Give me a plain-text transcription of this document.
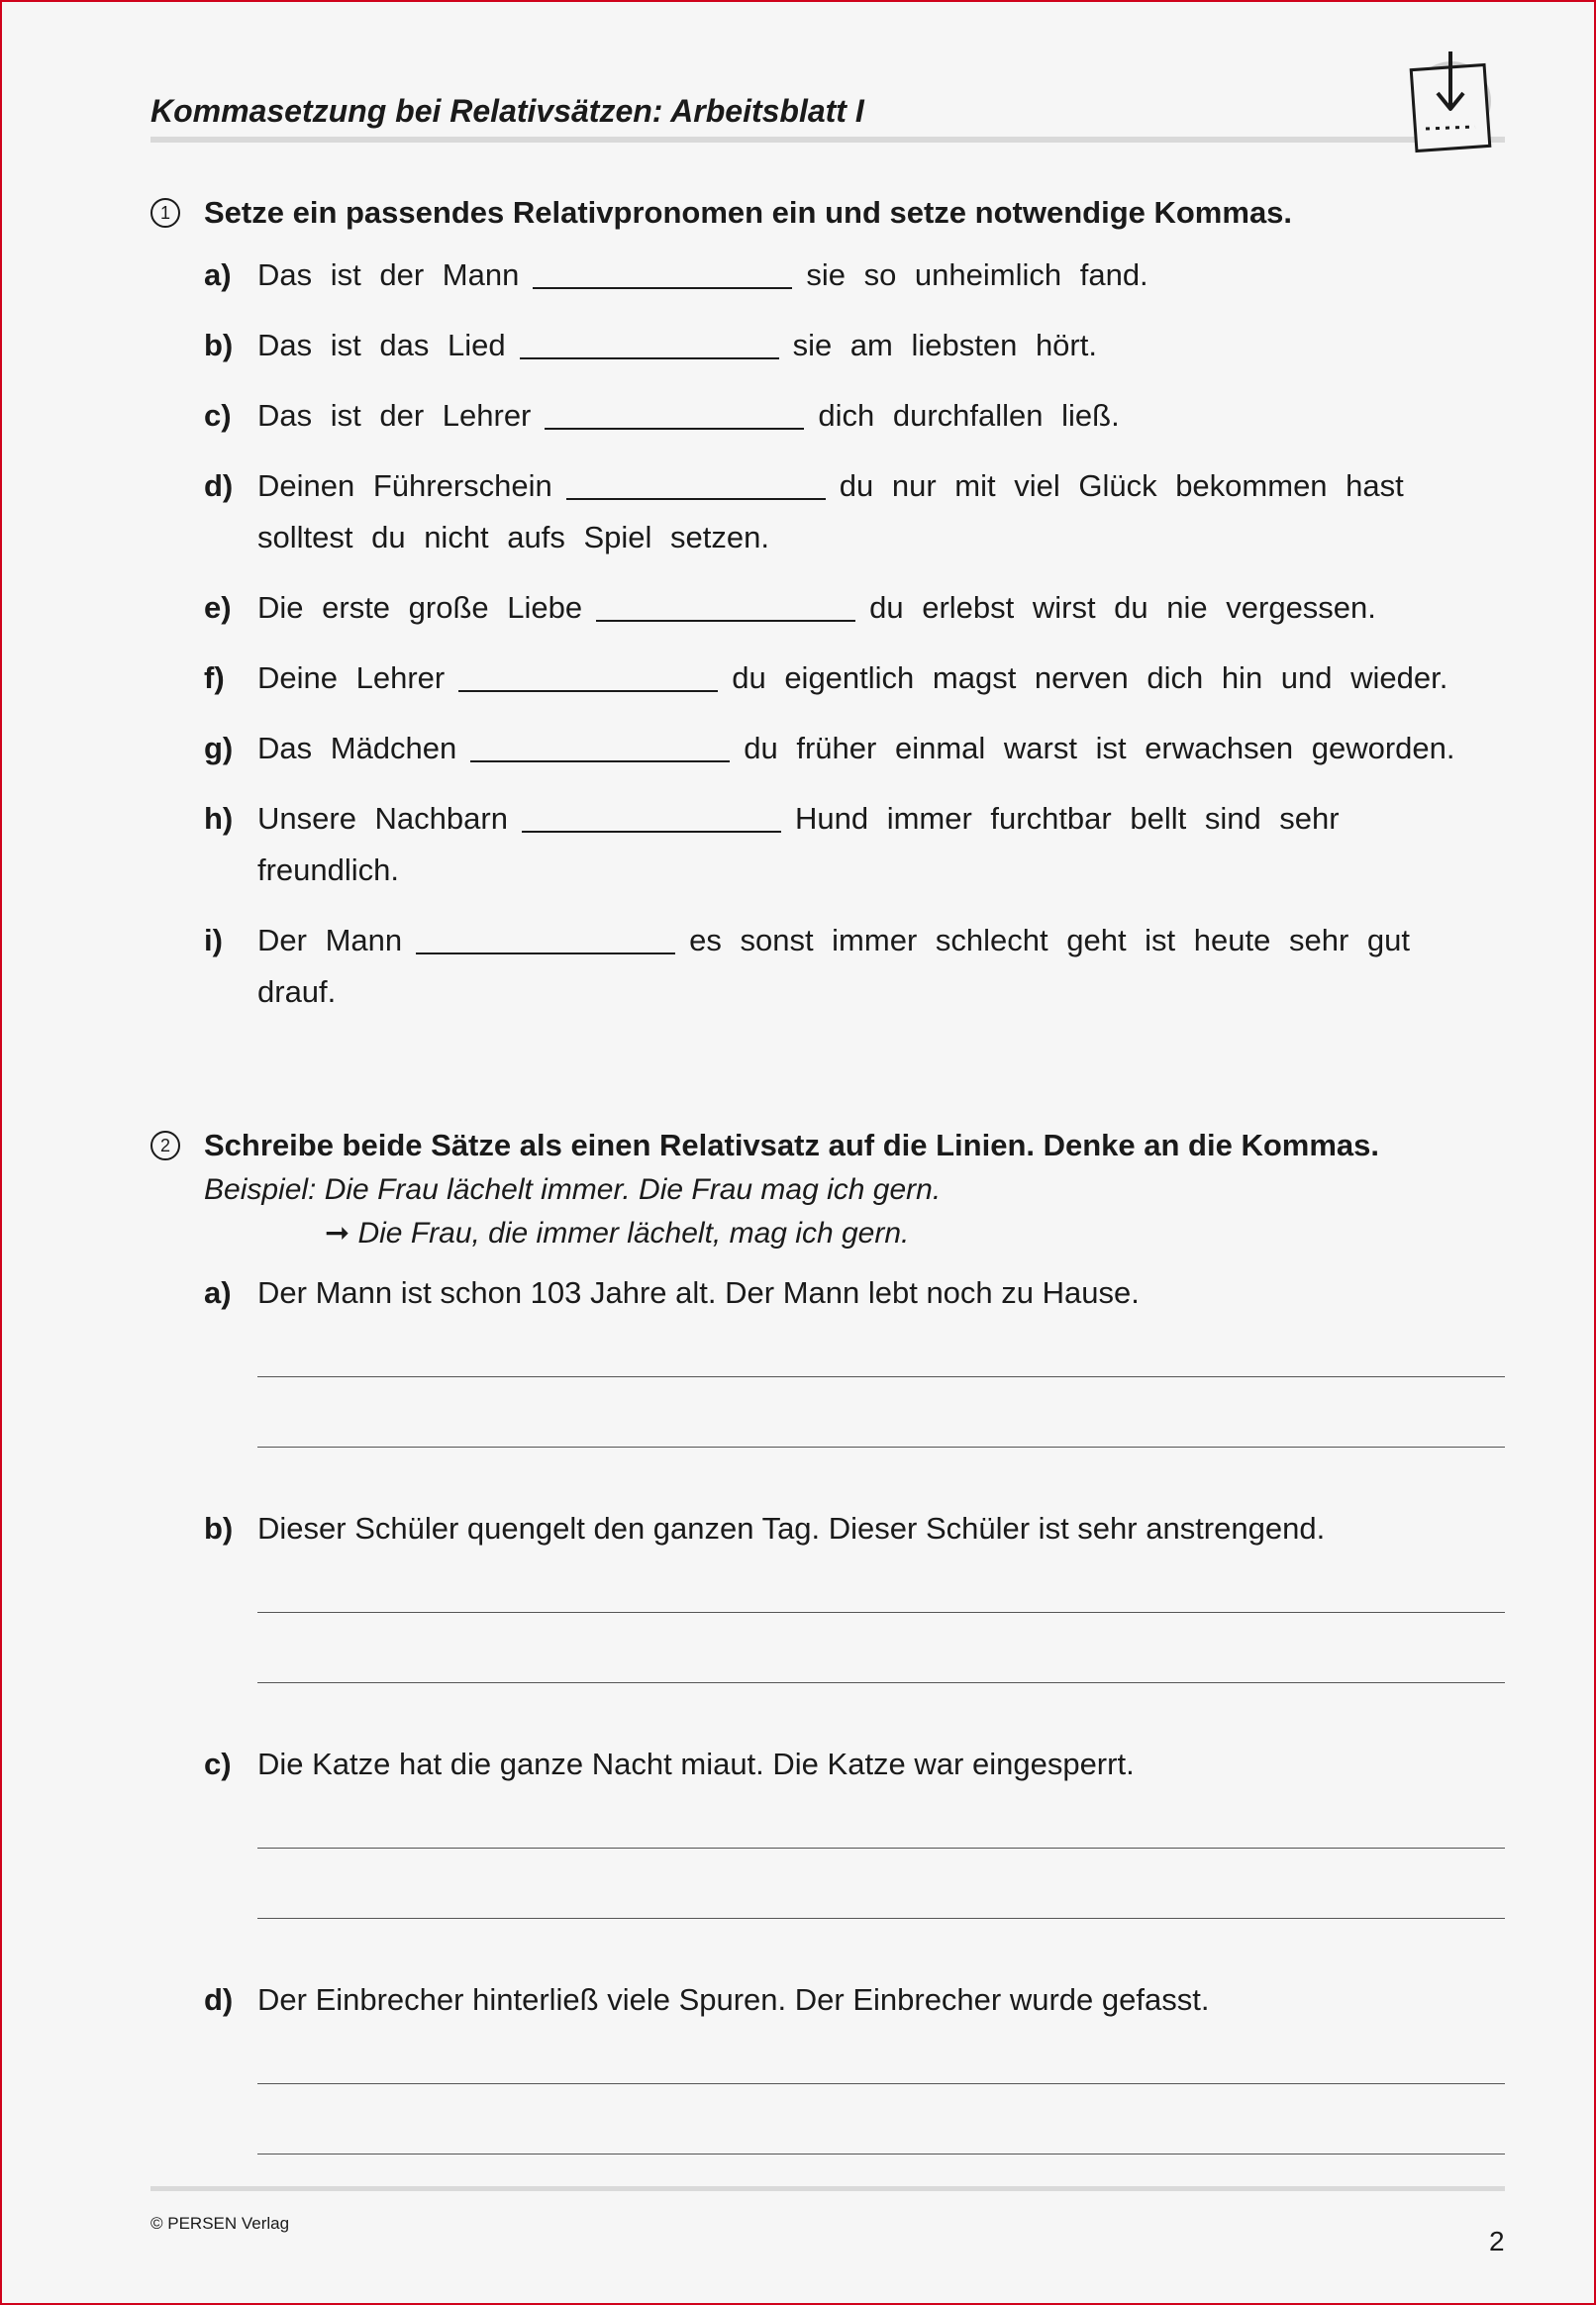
Kommasetzung bei Relativsätzen: Arbeitsblatt I
1	Setze ein passendes Relativpronomen ein und setze notwendige Kommas.
a) Das ist der Mann	sie so unheimlich fand.
b) Das ist das Lied	sie am liebsten hört.
c) Das ist der Lehrer	dich durchfallen ließ.
d) Deinen Führerschein	du nur mit viel Glück bekommen hast
solltest du nicht aufs Spiel setzen.
e) Die erste große Liebe	du erlebst wirst du nie vergessen.
f)	Deine Lehrer	du eigentlich magst nerven dich hin und wieder.
g) Das Mädchen	du früher einmal warst ist erwachsen geworden.
h) Unsere Nachbarn	Hund immer furchtbar bellt sind sehr
freundlich.
i)	Der Mann	es sonst immer schlecht geht ist heute sehr gut
drauf.
2	Schreibe beide Sätze als einen Relativsatz auf die Linien. Denke an die Kommas.
Beispiel: Die Frau lächelt immer. Die Frau mag ich gern.
➞ Die Frau, die immer lächelt, mag ich gern.
a) Der Mann ist schon 103 Jahre alt. Der Mann lebt noch zu Hause.
b) Dieser Schüler quengelt den ganzen Tag. Dieser Schüler ist sehr anstrengend.
c) Die Katze hat die ganze Nacht miaut. Die Katze war eingesperrt.
d) Der Einbrecher hinterließ viele Spuren. Der Einbrecher wurde gefasst.
© PERSEN Verlag
2
